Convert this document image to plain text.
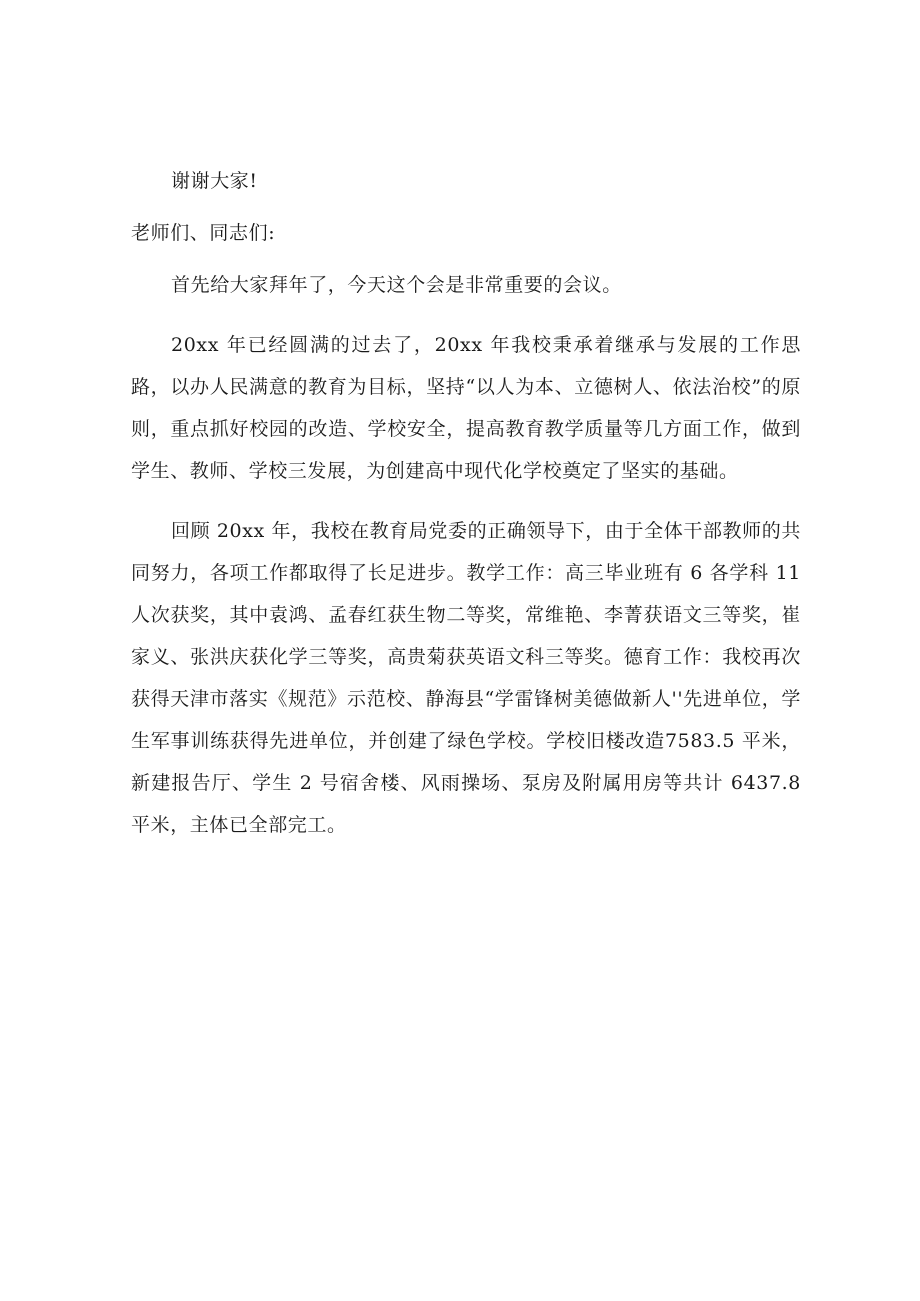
谢谢大家!

老师们、同志们:

首先给大家拜年了，今天这个会是非常重要的会议。

20xx 年已经圆满的过去了，20xx 年我校秉承着继承与发展的工作思路，以办人民满意的教育为目标，坚持“以人为本、立德树人、依法治校”的原则，重点抓好校园的改造、学校安全，提高教育教学质量等几方面工作，做到学生、教师、学校三发展，为创建高中现代化学校奠定了坚实的基础。

回顾 20xx 年，我校在教育局党委的正确领导下，由于全体干部教师的共同努力，各项工作都取得了长足进步。教学工作：高三毕业班有 6 各学科 11 人次获奖，其中袁鸿、孟春红获生物二等奖，常维艳、李菁获语文三等奖，崔家义、张洪庆获化学三等奖，高贵菊获英语文科三等奖。德育工作：我校再次获得天津市落实《规范》示范校、静海县“学雷锋树美德做新人''先进单位，学生军事训练获得先进单位，并创建了绿色学校。学校旧楼改造7583.5 平米，新建报告厅、学生 2 号宿舍楼、风雨操场、泵房及附属用房等共计 6437.8 平米，主体已全部完工。
